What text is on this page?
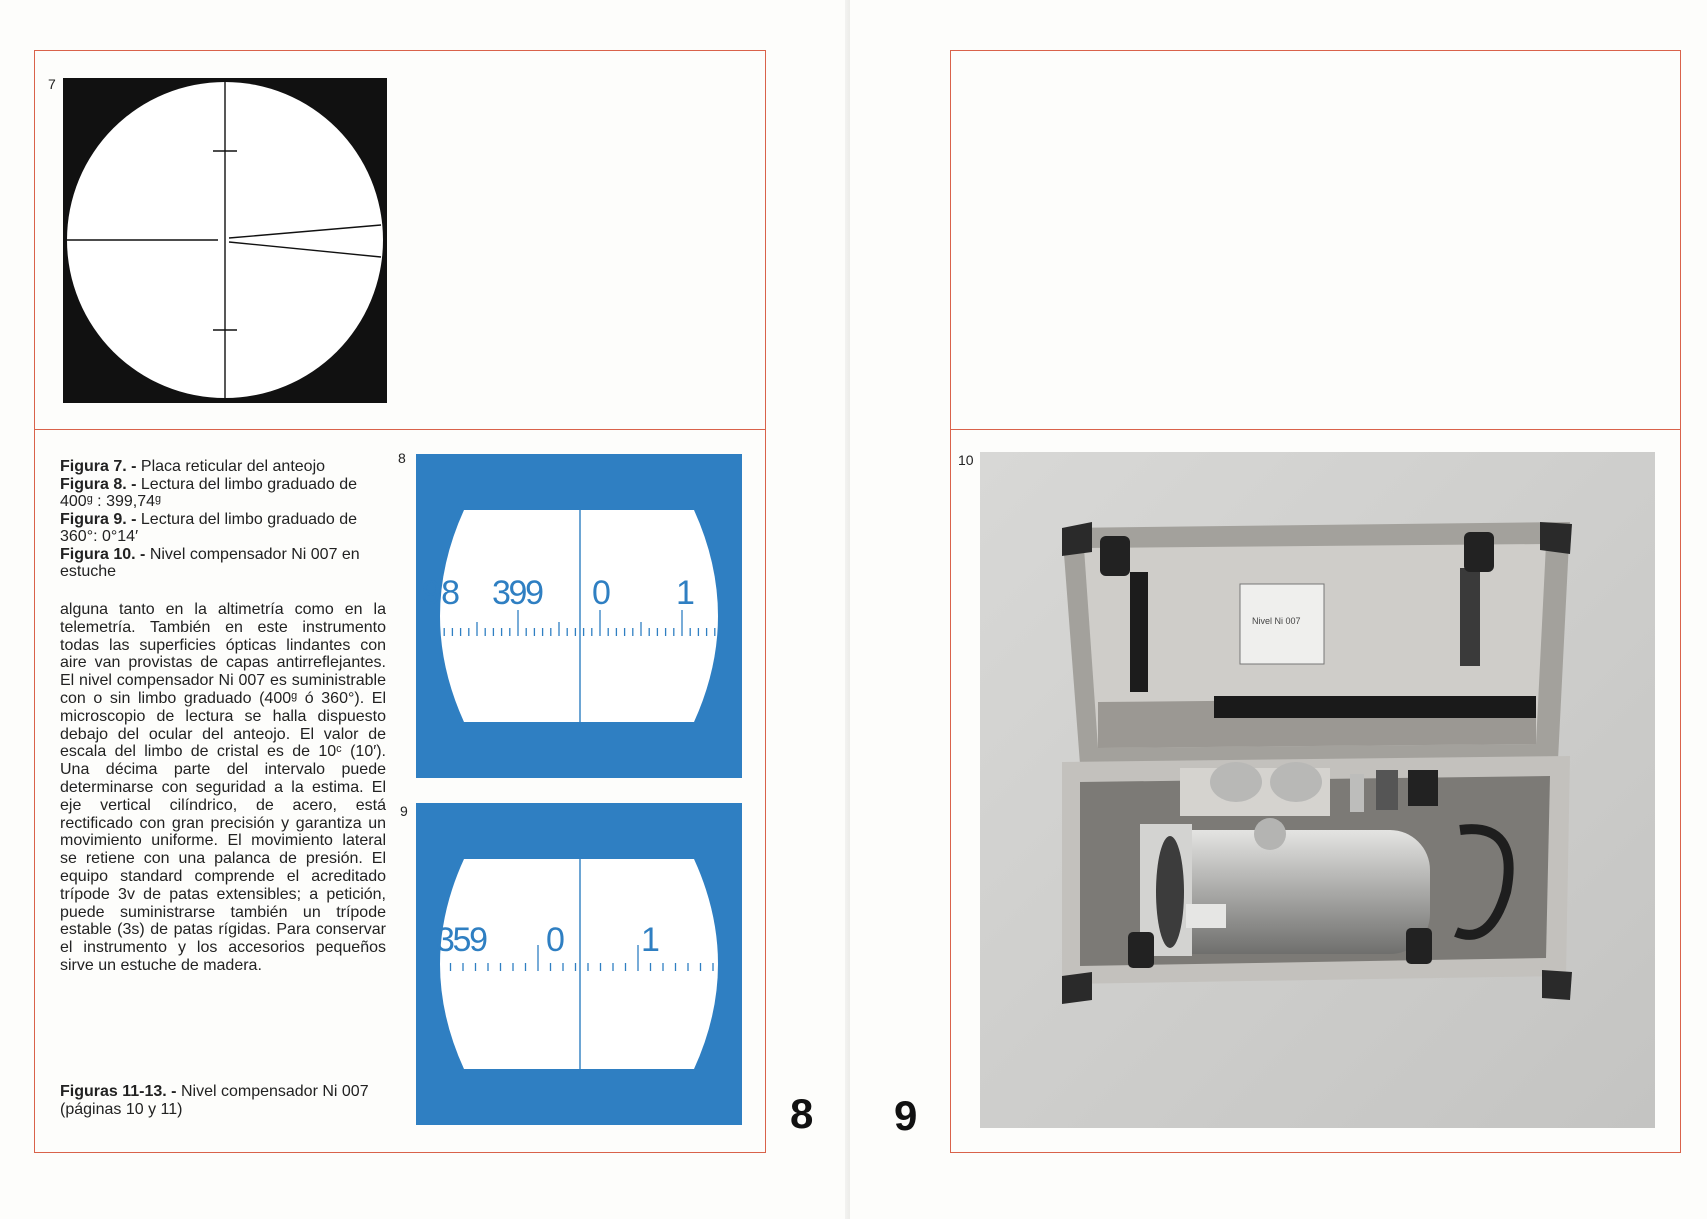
7
Figura 7. - Placa reticular del anteojo
Figura 8. - Lectura del limbo graduado de 400ᵍ : 399,74ᵍ
Figura 9. - Lectura del limbo graduado de 360°: 0°14′
Figura 10. - Nivel compensador Ni 007 en estuche
alguna tanto en la altimetría como en la telemetría. También en este instrumento todas las superficies ópticas lindantes con aire van provistas de capas antirreflejantes. El nivel compensador Ni 007 es suministrable con o sin limbo graduado (400ᵍ ó 360°). El microscopio de lectura se halla dispuesto debajo del ocular del anteojo. El valor de escala del limbo de cristal es de 10ᶜ (10′). Una décima parte del intervalo puede determinarse con seguridad a la estima. El eje vertical cilíndrico, de acero, está rectificado con gran precisión y garantiza un movimiento uniforme. El movimiento lateral se retiene con una palanca de presión. El equipo standard comprende el acreditado trípode 3v de patas extensibles; a petición, puede suministrarse también un trípode estable (3s) de patas rígidas. Para conservar el instrumento y los accesorios pequeños sirve un estuche de madera.
Figuras 11-13. - Nivel compensador Ni 007 (páginas 10 y 11)
8
9
98 399 0 1
359 0 1
8 9
10
Nivel Ni 007
